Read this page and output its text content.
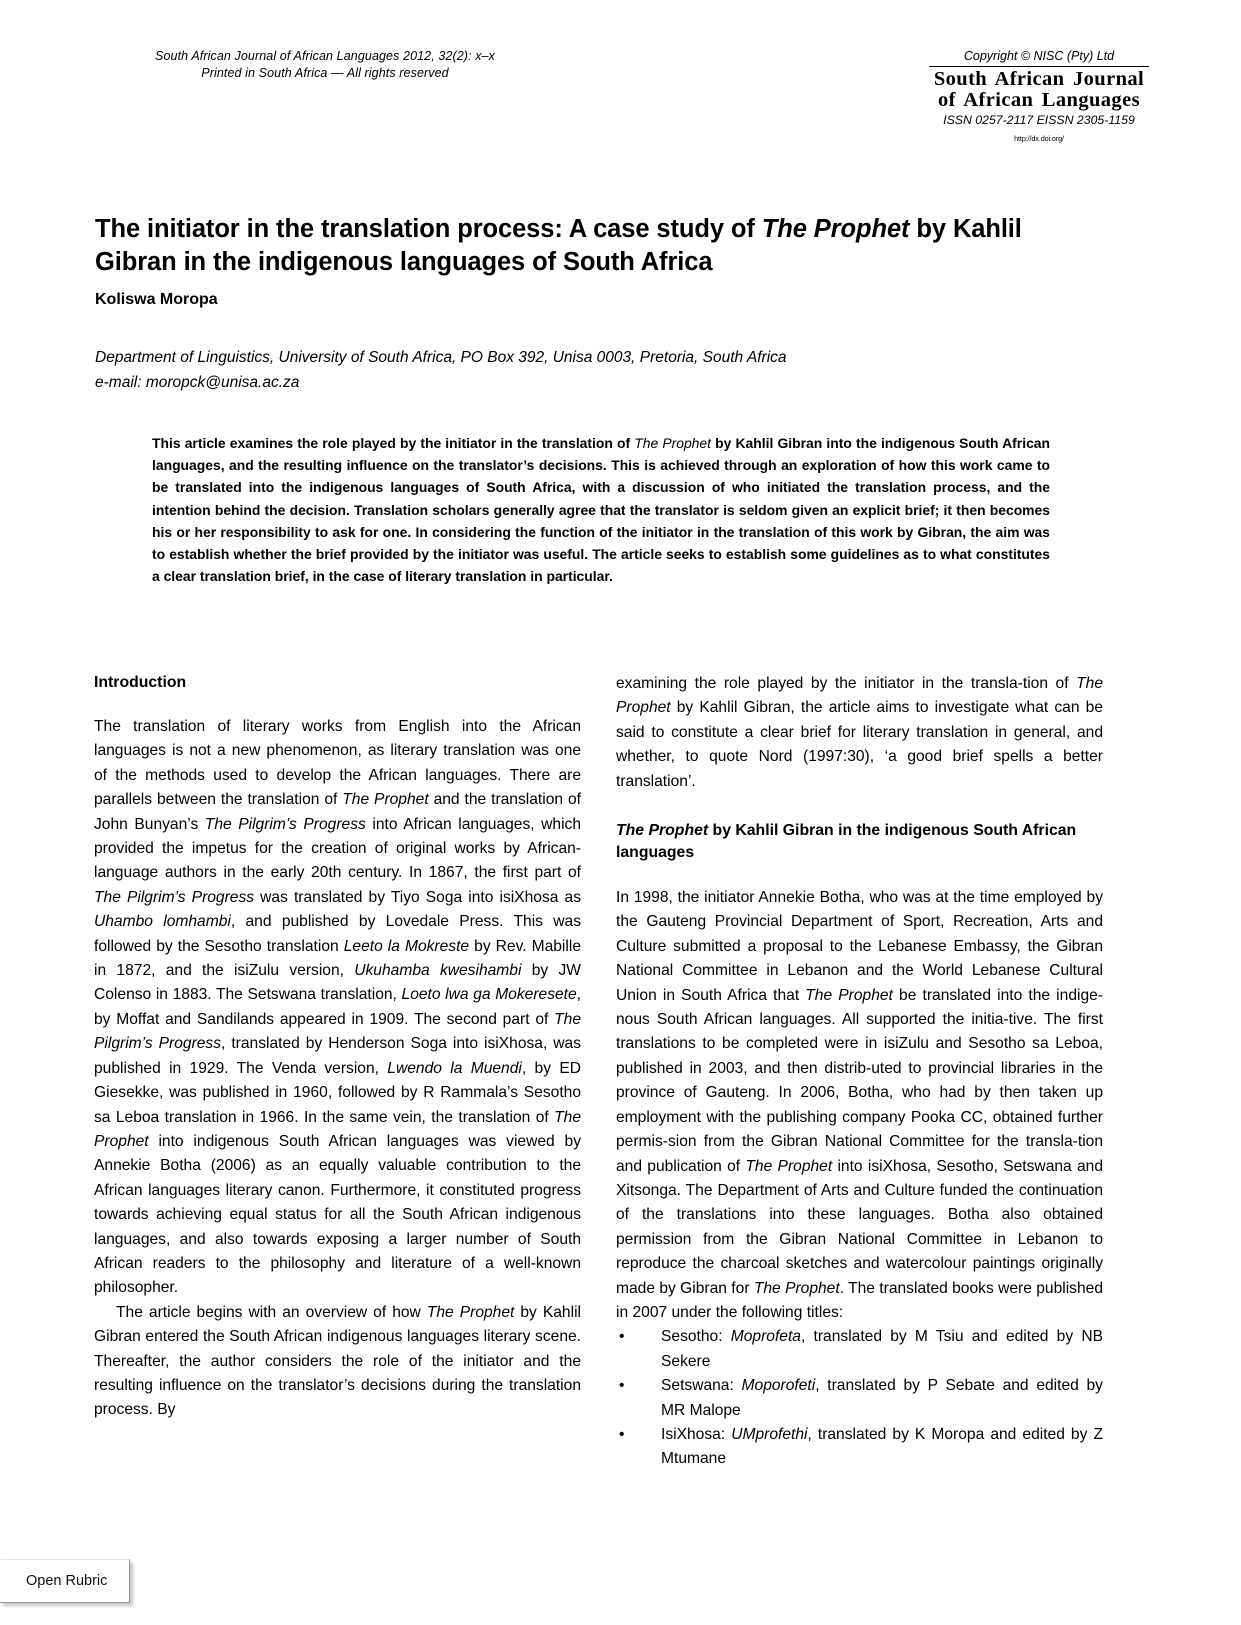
South African Journal of African Languages 2012, 32(2): x–x
Printed in South Africa — All rights reserved
Copyright © NISC (Pty) Ltd
South African Journal
of African Languages
ISSN 0257-2117 EISSN 2305-1159
http://dx.doi.org/
The initiator in the translation process: A case study of The Prophet by Kahlil Gibran in the indigenous languages of South Africa
Koliswa Moropa
Department of Linguistics, University of South Africa, PO Box 392, Unisa 0003, Pretoria, South Africa
e-mail: moropck@unisa.ac.za
This article examines the role played by the initiator in the translation of The Prophet by Kahlil Gibran into the indigenous South African languages, and the resulting influence on the translator’s decisions. This is achieved through an exploration of how this work came to be translated into the indigenous languages of South Africa, with a discussion of who initiated the translation process, and the intention behind the decision. Translation scholars generally agree that the translator is seldom given an explicit brief; it then becomes his or her responsibility to ask for one. In considering the function of the initiator in the translation of this work by Gibran, the aim was to establish whether the brief provided by the initiator was useful. The article seeks to establish some guidelines as to what constitutes a clear translation brief, in the case of literary translation in particular.
Introduction

The translation of literary works from English into the African languages is not a new phenomenon, as literary translation was one of the methods used to develop the African languages. There are parallels between the translation of The Prophet and the translation of John Bunyan’s The Pilgrim’s Progress into African languages, which provided the impetus for the creation of original works by African-language authors in the early 20th century. In 1867, the first part of The Pilgrim’s Progress was translated by Tiyo Soga into isiXhosa as Uhambo lomhambi, and published by Lovedale Press. This was followed by the Sesotho translation Leeto la Mokreste by Rev. Mabille in 1872, and the isiZulu version, Ukuhamba kwesihambi by JW Colenso in 1883. The Setswana translation, Loeto lwa ga Mokeresete, by Moffat and Sandilands appeared in 1909. The second part of The Pilgrim’s Progress, translated by Henderson Soga into isiXhosa, was published in 1929. The Venda version, Lwendo la Muendi, by ED Giesekke, was published in 1960, followed by R Rammala’s Sesotho sa Leboa translation in 1966. In the same vein, the translation of The Prophet into indigenous South African languages was viewed by Annekie Botha (2006) as an equally valuable contribution to the African languages literary canon. Furthermore, it constituted progress towards achieving equal status for all the South African indigenous languages, and also towards exposing a larger number of South African readers to the philosophy and literature of a well-known philosopher.

The article begins with an overview of how The Prophet by Kahlil Gibran entered the South African indigenous languages literary scene. Thereafter, the author considers the role of the initiator and the resulting influence on the translator’s decisions during the translation process. By

examining the role played by the initiator in the transla-tion of The Prophet by Kahlil Gibran, the article aims to investigate what can be said to constitute a clear brief for literary translation in general, and whether, to quote Nord (1997:30), ‘a good brief spells a better translation’.

The Prophet by Kahlil Gibran in the indigenous South African languages

In 1998, the initiator Annekie Botha, who was at the time employed by the Gauteng Provincial Department of Sport, Recreation, Arts and Culture submitted a proposal to the Lebanese Embassy, the Gibran National Committee in Lebanon and the World Lebanese Cultural Union in South Africa that The Prophet be translated into the indige-nous South African languages. All supported the initia-tive. The first translations to be completed were in isiZulu and Sesotho sa Leboa, published in 2003, and then distrib-uted to provincial libraries in the province of Gauteng. In 2006, Botha, who had by then taken up employment with the publishing company Pooka CC, obtained further permis-sion from the Gibran National Committee for the transla-tion and publication of The Prophet into isiXhosa, Sesotho, Setswana and Xitsonga. The Department of Arts and Culture funded the continuation of the translations into these languages. Botha also obtained permission from the Gibran National Committee in Lebanon to reproduce the charcoal sketches and watercolour paintings originally made by Gibran for The Prophet. The translated books were published in 2007 under the following titles:

• Sesotho: Moprofeta, translated by M Tsiu and edited by NB Sekere
• Setswana: Moporofeti, translated by P Sebate and edited by MR Malope
• IsiXhosa: UMprofethi, translated by K Moropa and edited by Z Mtumane
Open Rubric
